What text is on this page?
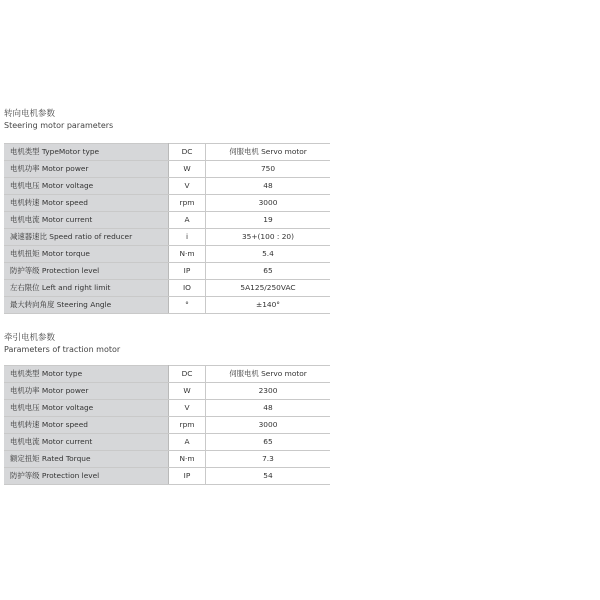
转向电机参数
Steering motor parameters
电机类型 TypeMotor type	DC	伺服电机 Servo motor
电机功率 Motor power	W	750
电机电压 Motor voltage	V	48
电机转速 Motor speed	rpm	3000
电机电流 Motor current	A	19
减速器速比 Speed ratio of reducer	i	35+(100 : 20)
电机扭矩 Motor torque	N·m	5.4
防护等级 Protection level	IP	65
左右限位 Left and right limit	IO	5A125/250VAC
最大转向角度 Steering Angle	°	±140°
牵引电机参数
Parameters of traction motor
电机类型 Motor type	DC	伺服电机 Servo motor
电机功率 Motor power	W	2300
电机电压 Motor voltage	V	48
电机转速 Motor speed	rpm	3000
电机电流 Motor current	A	65
额定扭矩 Rated Torque	N·m	7.3
防护等级 Protection level	IP	54
